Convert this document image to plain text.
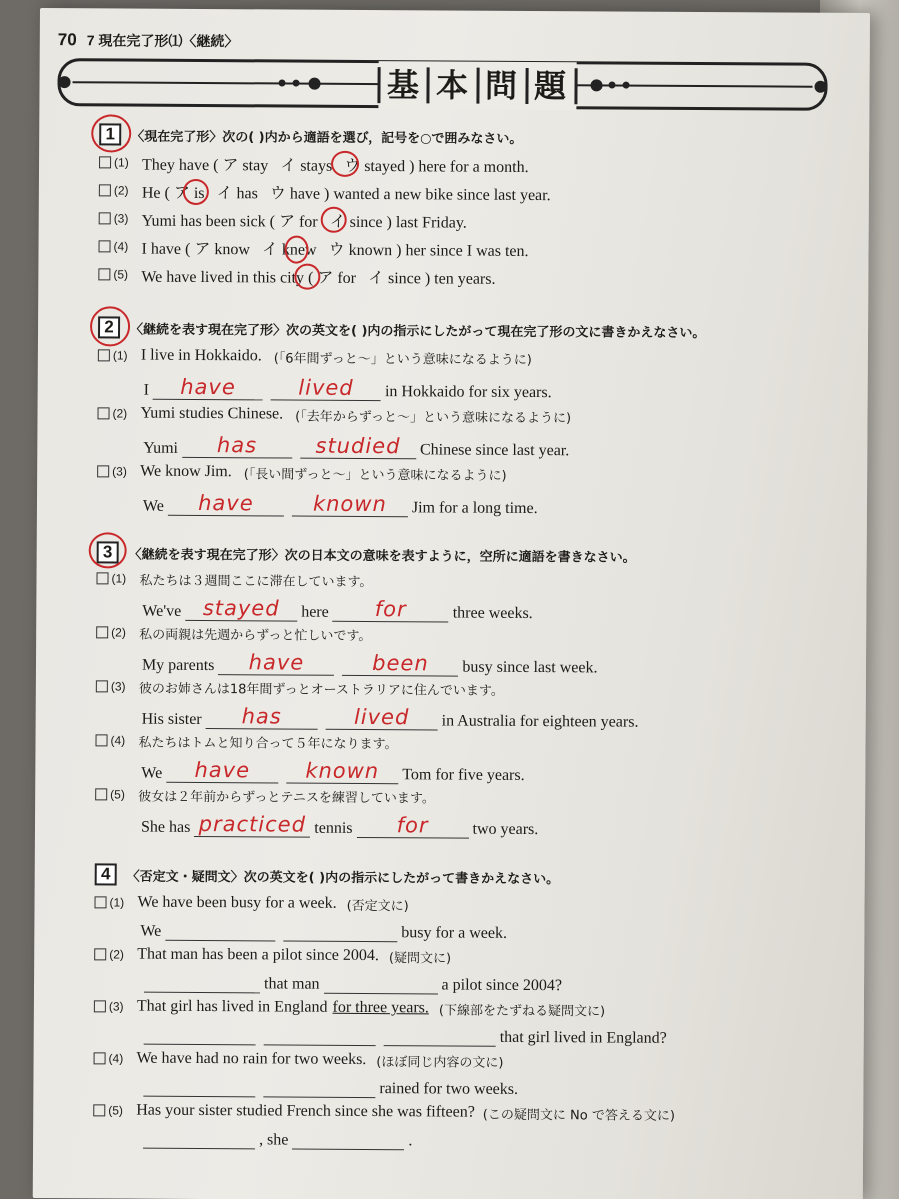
70 7 現在完了形⑴〈継続〉
基 本 問 題
1	〈現在完了形〉次の( )内から適語を選び，記号を○で囲みなさい。
(1) They have ( ア stay   イ stays   ウ stayed ) here for a month.
(2) He ( ア is   イ has   ウ have ) wanted a new bike since last year.
(3) Yumi has been sick ( ア for   イ since ) last Friday.
(4) I have ( ア know   イ knew   ウ known ) her since I was ten.
(5) We have lived in this city ( ア for   イ since ) ten years.
2	〈継続を表す現在完了形〉次の英文を( )内の指示にしたがって現在完了形の文に書きかえなさい。
(1) I live in Hokkaido. (「6年間ずっと～」という意味になるように)
I	have	lived	in Hokkaido for six years.
(2) Yumi studies Chinese. (「去年からずっと～」という意味になるように)
Yumi	has	studied	Chinese since last year.
(3) We know Jim. (「長い間ずっと～」という意味になるように)
We	have	known	Jim for a long time.
3	〈継続を表す現在完了形〉次の日本文の意味を表すように，空所に適語を書きなさい。
(1)	私たちは３週間ここに滞在しています。
We've	stayed	here	for	three weeks.
(2)	私の両親は先週からずっと忙しいです。
My parents	have	been	busy since last week.
(3)	彼のお姉さんは18年間ずっとオーストラリアに住んでいます。
His sister	has	lived	in Australia for eighteen years.
(4)	私たちはトムと知り合って５年になります。
We	have	known	Tom for five years.
(5)	彼女は２年前からずっとテニスを練習しています。
She has practiced tennis	for	two years.
4	〈否定文・疑問文〉次の英文を( )内の指示にしたがって書きかえなさい。
(1) We have been busy for a week. (否定文に)
We	busy for a week.
(2) That man has been a pilot since 2004. (疑問文に)
that man	a pilot since 2004?
(3) That girl has lived in England for three years. (下線部をたずねる疑問文に)
that girl lived in England?
(4) We have had no rain for two weeks. (ほぼ同じ内容の文に)
rained for two weeks.
(5) Has your sister studied French since she was fifteen? (この疑問文に No で答える文に)
, she	.
